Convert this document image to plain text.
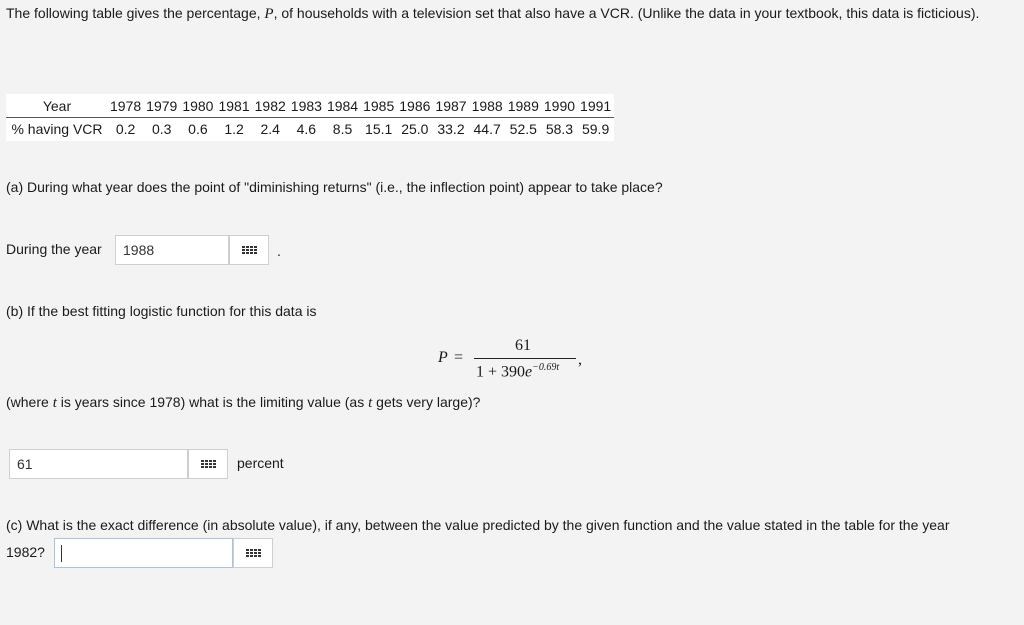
The following table gives the percentage, P, of households with a television set that also have a VCR. (Unlike the data in your textbook, this data is ficticious).
Year	1978	1979	1980	1981	1982	1983	1984	1985	1986	1987	1988	1989	1990	1991
% having VCR	0.2	0.3	0.6	1.2	2.4	4.6	8.5	15.1	25.0	33.2	44.7	52.5	58.3	59.9
(a) During what year does the point of "diminishing returns" (i.e., the inflection point) appear to take place?
During the year	1988	.
(b) If the best fitting logistic function for this data is
P =
61
$1 + 390e^{-0.69t}$ ,
(where t is years since 1978) what is the limiting value (as t gets very large)?
61	percent
(c) What is the exact difference (in absolute value), if any, between the value predicted by the given function and the value stated in the table for the year
1982?
